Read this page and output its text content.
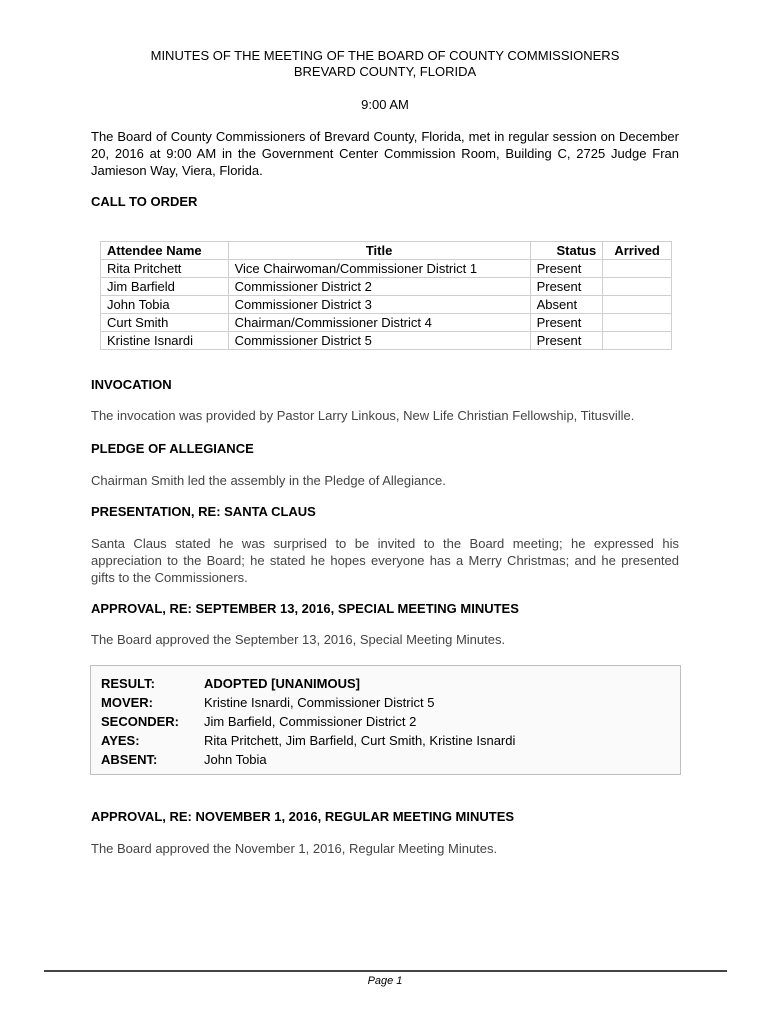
MINUTES OF THE MEETING OF THE BOARD OF COUNTY COMMISSIONERS
BREVARD COUNTY, FLORIDA
9:00 AM
The Board of County Commissioners of Brevard County, Florida, met in regular session on December 20, 2016 at 9:00 AM in the Government Center Commission Room, Building C, 2725 Judge Fran Jamieson Way, Viera, Florida.
CALL TO ORDER
Attendee Name	Title	Status	Arrived
Rita Pritchett	Vice Chairwoman/Commissioner District 1	Present	
Jim Barfield	Commissioner District 2	Present	
John Tobia	Commissioner District 3	Absent	
Curt Smith	Chairman/Commissioner District 4	Present	
Kristine Isnardi	Commissioner District 5	Present	
INVOCATION
The invocation was provided by Pastor Larry Linkous, New Life Christian Fellowship, Titusville.
PLEDGE OF ALLEGIANCE
Chairman Smith led the assembly in the Pledge of Allegiance.
PRESENTATION, RE: SANTA CLAUS
Santa Claus stated he was surprised to be invited to the Board meeting; he expressed his appreciation to the Board; he stated he hopes everyone has a Merry Christmas; and he presented gifts to the Commissioners.
APPROVAL, RE: SEPTEMBER 13, 2016, SPECIAL MEETING MINUTES
The Board approved the September 13, 2016, Special Meeting Minutes.
RESULT:	ADOPTED [UNANIMOUS]
MOVER:	Kristine Isnardi, Commissioner District 5
SECONDER: Jim Barfield, Commissioner District 2
AYES:	Rita Pritchett, Jim Barfield, Curt Smith, Kristine Isnardi
ABSENT:	John Tobia
APPROVAL, RE: NOVEMBER 1, 2016, REGULAR MEETING MINUTES
The Board approved the November 1, 2016, Regular Meeting Minutes.
Page 1
